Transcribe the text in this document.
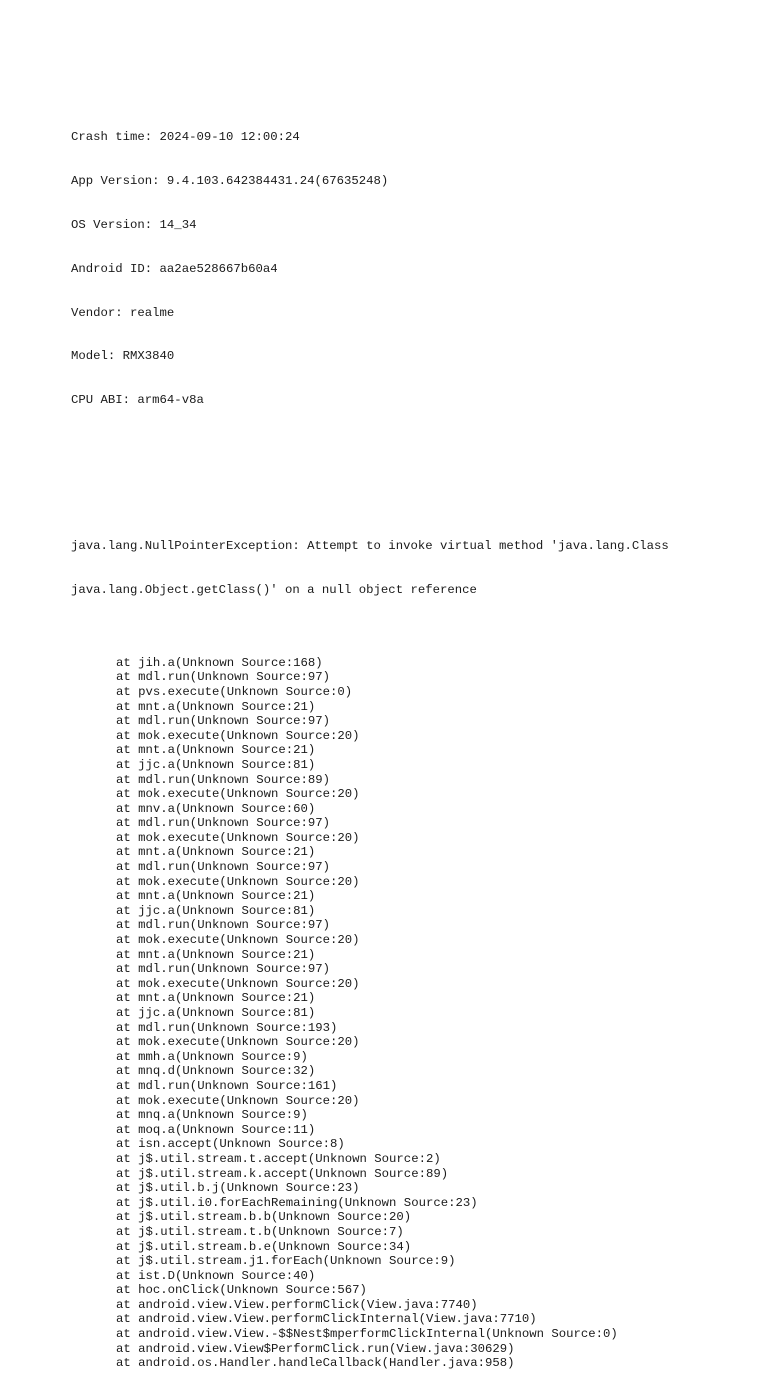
Crash time: 2024-09-10 12:00:24

App Version: 9.4.103.642384431.24(67635248)

OS Version: 14_34

Android ID: aa2ae528667b60a4

Vendor: realme

Model: RMX3840

CPU ABI: arm64-v8a

java.lang.NullPointerException: Attempt to invoke virtual method 'java.lang.Class

java.lang.Object.getClass()' on a null object reference

at jih.a(Unknown Source:168)
at mdl.run(Unknown Source:97)
at pvs.execute(Unknown Source:0)
at mnt.a(Unknown Source:21)
at mdl.run(Unknown Source:97)
at mok.execute(Unknown Source:20)
at mnt.a(Unknown Source:21)
at jjc.a(Unknown Source:81)
at mdl.run(Unknown Source:89)
at mok.execute(Unknown Source:20)
at mnv.a(Unknown Source:60)
at mdl.run(Unknown Source:97)
at mok.execute(Unknown Source:20)
at mnt.a(Unknown Source:21)
at mdl.run(Unknown Source:97)
at mok.execute(Unknown Source:20)
at mnt.a(Unknown Source:21)
at jjc.a(Unknown Source:81)
at mdl.run(Unknown Source:97)
at mok.execute(Unknown Source:20)
at mnt.a(Unknown Source:21)
at mdl.run(Unknown Source:97)
at mok.execute(Unknown Source:20)
at mnt.a(Unknown Source:21)
at jjc.a(Unknown Source:81)
at mdl.run(Unknown Source:193)
at mok.execute(Unknown Source:20)
at mmh.a(Unknown Source:9)
at mnq.d(Unknown Source:32)
at mdl.run(Unknown Source:161)
at mok.execute(Unknown Source:20)
at mnq.a(Unknown Source:9)
at moq.a(Unknown Source:11)
at isn.accept(Unknown Source:8)
at j$.util.stream.t.accept(Unknown Source:2)
at j$.util.stream.k.accept(Unknown Source:89)
at j$.util.b.j(Unknown Source:23)
at j$.util.i0.forEachRemaining(Unknown Source:23)
at j$.util.stream.b.b(Unknown Source:20)
at j$.util.stream.t.b(Unknown Source:7)
at j$.util.stream.b.e(Unknown Source:34)
at j$.util.stream.j1.forEach(Unknown Source:9)
at ist.D(Unknown Source:40)
at hoc.onClick(Unknown Source:567)
at android.view.View.performClick(View.java:7740)
at android.view.View.performClickInternal(View.java:7710)
at android.view.View.-$$Nest$mperformClickInternal(Unknown Source:0)
at android.view.View$PerformClick.run(View.java:30629)
at android.os.Handler.handleCallback(Handler.java:958)
